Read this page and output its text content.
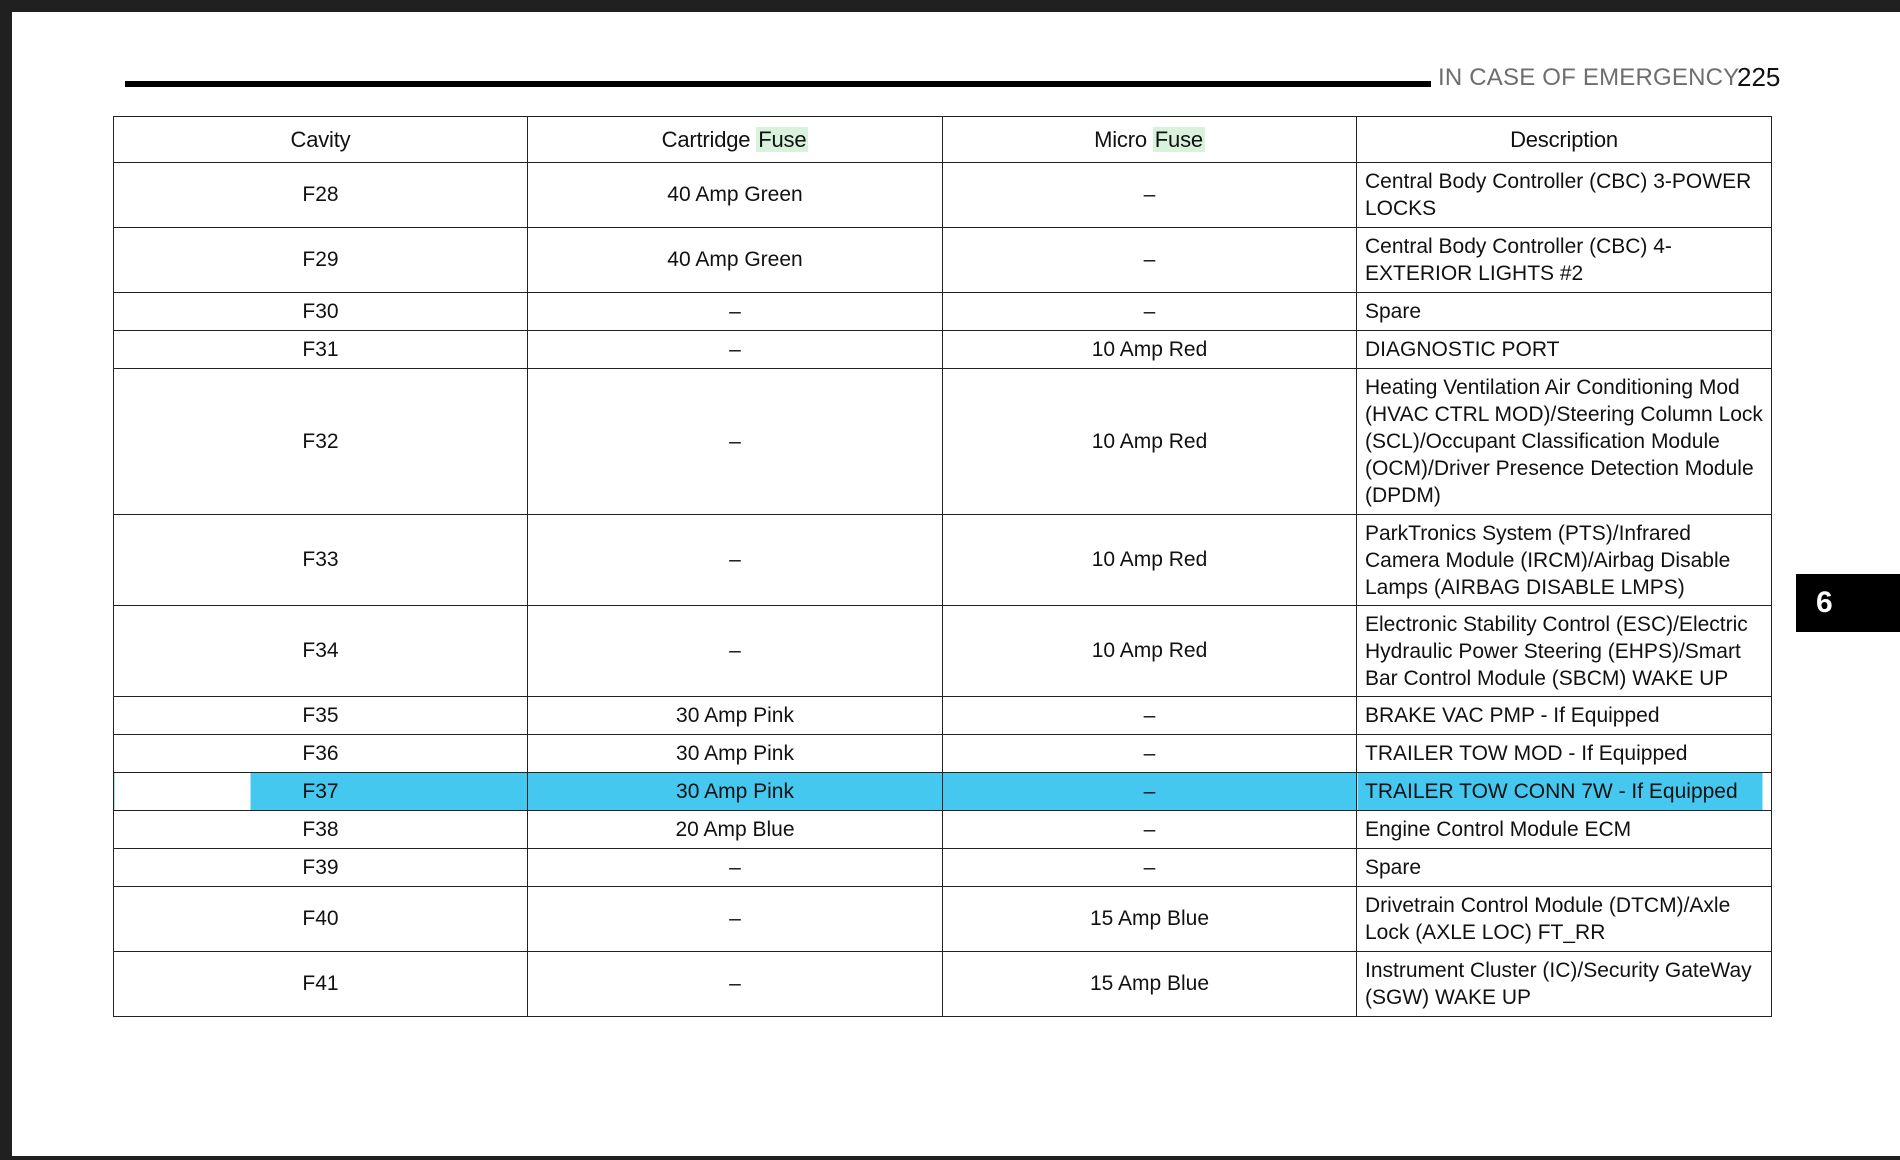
IN CASE OF EMERGENCY
225
6
Cavity	Cartridge Fuse	Micro Fuse	Description
F28	40 Amp Green	–	Central Body Controller (CBC) 3-POWER LOCKS
F29	40 Amp Green	–	Central Body Controller (CBC) 4-EXTERIOR LIGHTS #2
F30	–	–	Spare
F31	–	10 Amp Red	DIAGNOSTIC PORT
F32	–	10 Amp Red	Heating Ventilation Air Conditioning Mod (HVAC CTRL MOD)/Steering Column Lock (SCL)/Occupant Classification Module (OCM)/Driver Presence Detection Module (DPDM)
F33	–	10 Amp Red	ParkTronics System (PTS)/Infrared Camera Module (IRCM)/Airbag Disable Lamps (AIRBAG DISABLE LMPS)
F34	–	10 Amp Red	Electronic Stability Control (ESC)/Electric Hydraulic Power Steering (EHPS)/Smart Bar Control Module (SBCM) WAKE UP
F35	30 Amp Pink	–	BRAKE VAC PMP - If Equipped
F36	30 Amp Pink	–	TRAILER TOW MOD - If Equipped
F37	30 Amp Pink	–	TRAILER TOW CONN 7W - If Equipped
F38	20 Amp Blue	–	Engine Control Module ECM
F39	–	–	Spare
F40	–	15 Amp Blue	Drivetrain Control Module (DTCM)/Axle Lock (AXLE LOC) FT_RR
F41	–	15 Amp Blue	Instrument Cluster (IC)/Security GateWay (SGW) WAKE UP
